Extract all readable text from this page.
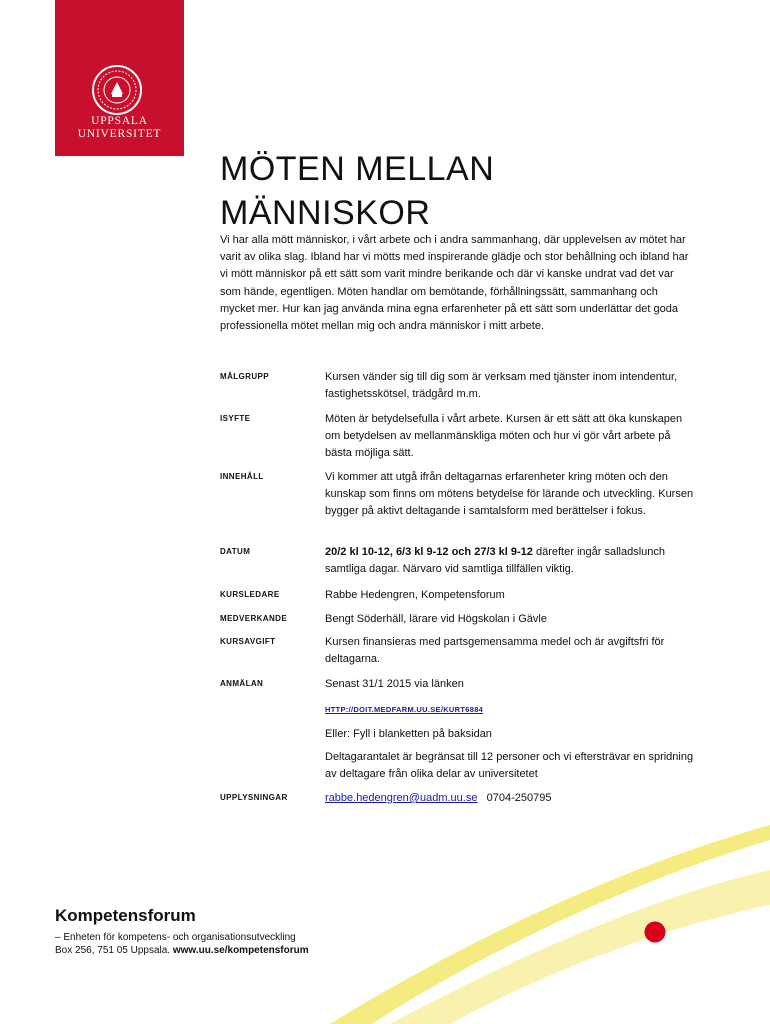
UPPSALA
UNIVERSITET
MÖTEN MELLAN
MÄNNISKOR

Vi har alla mött människor, i vårt arbete och i andra sammanhang, där upplevelsen av mötet har varit av olika slag. Ibland har vi mötts med inspirerande glädje och stor behållning och ibland har vi mött människor på ett sätt som varit mindre berikande och där vi kanske undrat vad det var som hände, egentligen. Möten handlar om bemötande, förhållningssätt, sammanhang och mycket mer. Hur kan jag använda mina egna erfarenheter på ett sätt som underlättar det goda professionella mötet mellan mig och andra människor i mitt arbete.

MÅLGRUPP	Kursen vänder sig till dig som är verksam med tjänster inom intendentur, fastighetsskötsel, trädgård m.m.
ISYFTE	Möten är betydelsefulla i vårt arbete. Kursen är ett sätt att öka kunskapen om betydelsen av mellanmänskliga möten och hur vi gör vårt arbete på bästa möjliga sätt.
INNEHÅLL	Vi kommer att utgå ifrån deltagarnas erfarenheter kring möten och den kunskap som finns om mötens betydelse för lärande och utveckling. Kursen bygger på aktivt deltagande i samtalsform med berättelser i fokus.
DATUM	20/2 kl 10-12, 6/3 kl 9-12 och 27/3 kl 9-12 därefter ingår salladslunch samtliga dagar. Närvaro vid samtliga tillfällen viktig.
KURSLEDARE	Rabbe Hedengren, Kompetensforum
MEDVERKANDE	Bengt Söderhäll, lärare vid Högskolan i Gävle
KURSAVGIFT	Kursen finansieras med partsgemensamma medel och är avgiftsfri för deltagarna.
ANMÄLAN	Senast 31/1 2015 via länken

HTTP://DOIT.MEDFARM.UU.SE/KURT6884

Eller: Fyll i blanketten på baksidan

Deltagarantalet är begränsat till 12 personer och vi eftersträvar en spridning av deltagare från olika delar av universitetet

UPPLYSNINGAR	rabbe.hedengren@uadm.uu.se 0704-250795
Kompetensforum
– Enheten för kompetens- och organisationsutveckling
Box 256, 751 05 Uppsala. www.uu.se/kompetensforum
